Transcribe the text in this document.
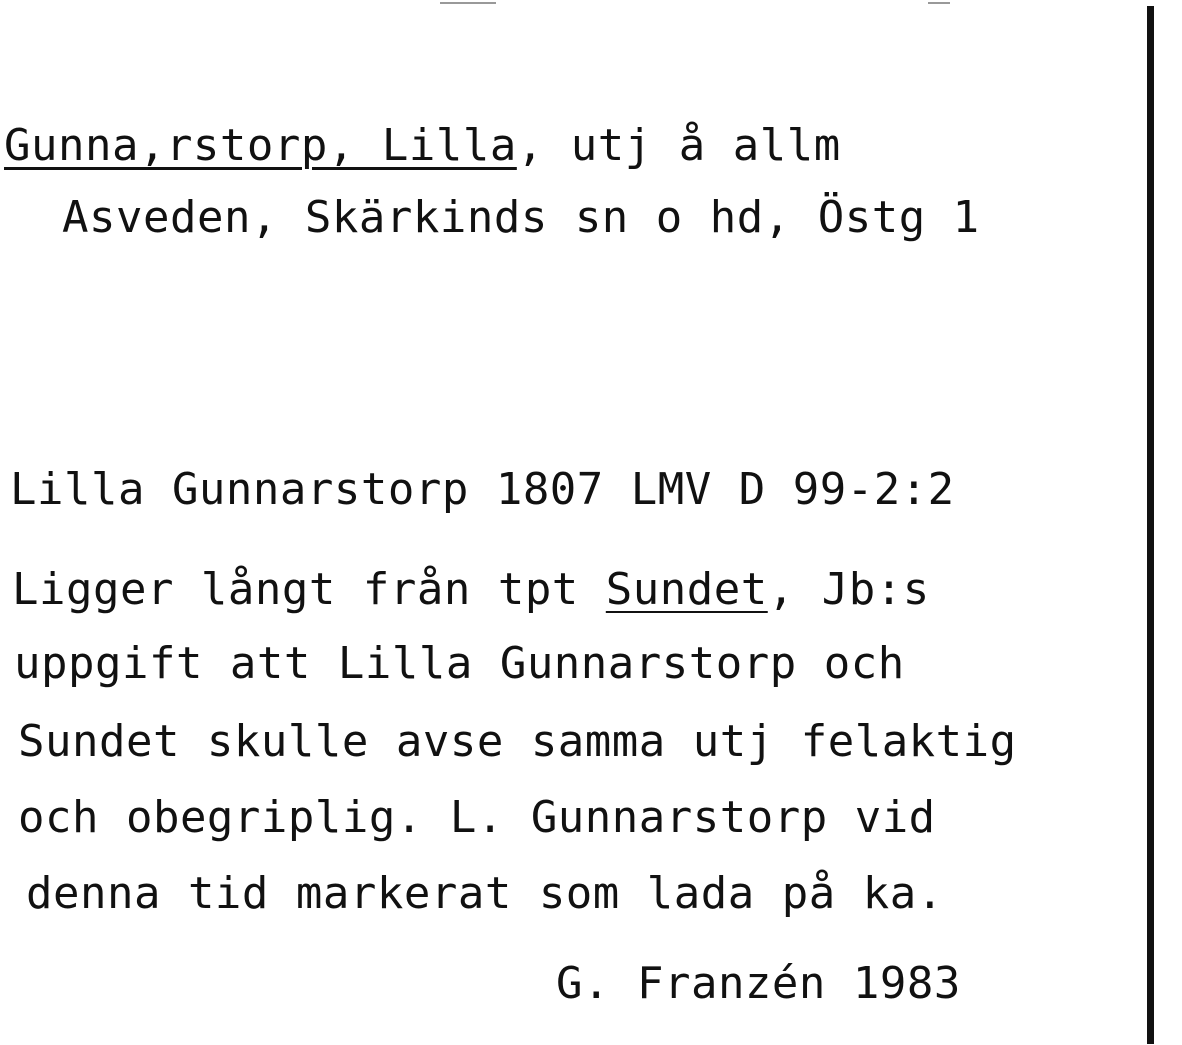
Gunna,rstorp, Lilla, utj å allm
Asveden, Skärkinds sn o hd, Östg 1
Lilla Gunnarstorp 1807 LMV D 99-2:2
Ligger långt från tpt Sundet, Jb:s
uppgift att Lilla Gunnarstorp och
Sundet skulle avse samma utj felaktig
och obegriplig. L. Gunnarstorp vid
denna tid markerat som lada på ka.
G. Franzén 1983
